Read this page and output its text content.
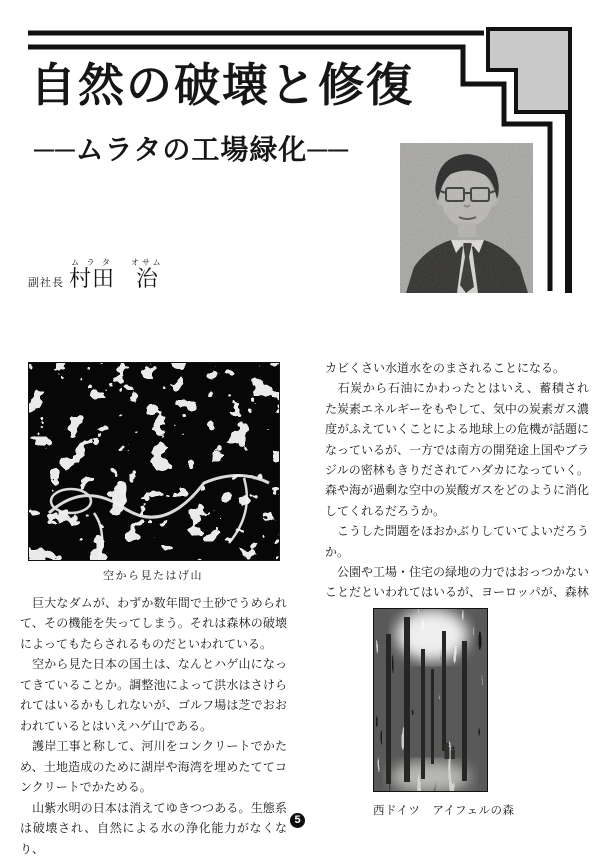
自然の破壊と修復
──ムラタの工場緑化──
副社長 村田ムラタ治オサム
空から見たはげ山

　巨大なダムが、わずか数年間で土砂でうめられて、その機能を失ってしまう。それは森林の破壊によってもたらされるものだといわれている。

　空から見た日本の国土は、なんとハゲ山になってきていることか。調整池によって洪水はさけられてはいるかもしれないが、ゴルフ場は芝でおおわれているとはいえハゲ山である。

　護岸工事と称して、河川をコンクリートでかため、土地造成のために湖岸や海湾を埋めたててコンクリートでかためる。

　山紫水明の日本は消えてゆきつつある。生態系は破壊され、自然による水の浄化能力がなくなり、

カビくさい水道水をのまされることになる。

　石炭から石油にかわったとはいえ、蓄積された炭素エネルギーをもやして、気中の炭素ガス濃度がふえていくことによる地球上の危機が話題になっているが、一方では南方の開発途上国やブラジルの密林もきりだされてハダカになっていく。森や海が過剰な空中の炭酸ガスをどのように消化してくれるだろうか。

　こうした問題をほおかぶりしていてよいだろうか。

　公園や工場・住宅の緑地の力ではおっつかないことだといわれてはいるが、ヨーロッパが、森林

西ドイツ　アイフェルの森
5
